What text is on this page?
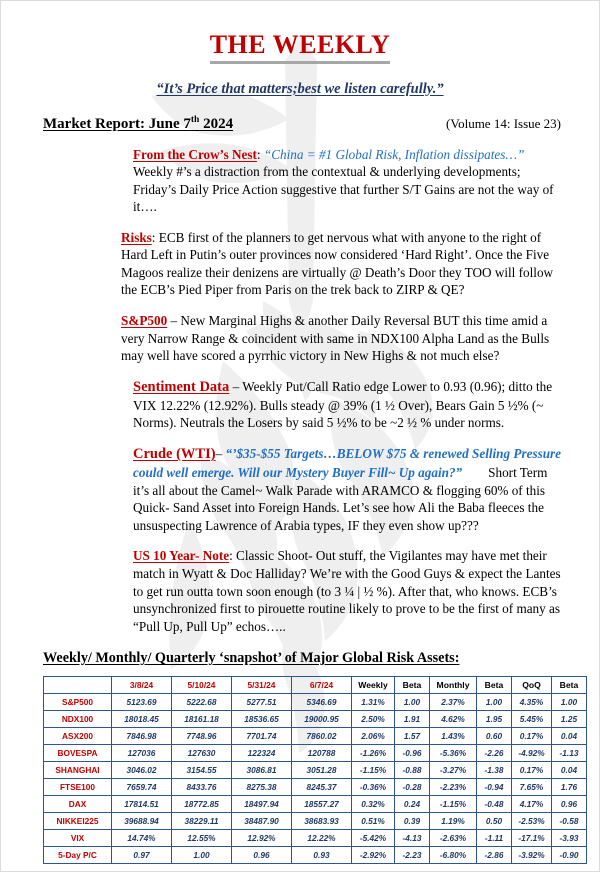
THE WEEKLY
“It’s Price that matters;best we listen carefully.”
Market Report: June 7th 2024	(Volume 14: Issue 23)

From the Crow’s Nest: “China = #1 Global Risk, Inflation dissipates…” Weekly #’s a distraction from the contextual & underlying developments; Friday’s Daily Price Action suggestive that further S/T Gains are not the way of it….

Risks: ECB first of the planners to get nervous what with anyone to the right of Hard Left in Putin’s outer provinces now considered ‘Hard Right’. Once the Five Magoos realize their denizens are virtually @ Death’s Door they TOO will follow the ECB’s Pied Piper from Paris on the trek back to ZIRP & QE?

S&P500 – New Marginal Highs & another Daily Reversal BUT this time amid a very Narrow Range & coincident with same in NDX100 Alpha Land as the Bulls may well have scored a pyrrhic victory in New Highs & not much else?

Sentiment Data – Weekly Put/Call Ratio edge Lower to 0.93 (0.96); ditto the VIX 12.22% (12.92%). Bulls steady @ 39% (1 ½ Over), Bears Gain 5 ½% (~ Norms). Neutrals the Losers by said 5 ½% to be ~2 ½ % under norms.

Crude (WTI)– “’$35-$55 Targets…BELOW $75 & renewed Selling Pressure could well emerge. Will our Mystery Buyer Fill~ Up again?” Short Term it’s all about the Camel~ Walk Parade with ARAMCO & flogging 60% of this Quick- Sand Asset into Foreign Hands. Let’s see how Ali the Baba fleeces the unsuspecting Lawrence of Arabia types, IF they even show up???

US 10 Year- Note: Classic Shoot- Out stuff, the Vigilantes may have met their match in Wyatt & Doc Halliday? We’re with the Good Guys & expect the Lantes to get run outta town soon enough (to 3 ¼ | ½ %). After that, who knows. ECB’s unsynchronized first to pirouette routine likely to prove to be the first of many as “Pull Up, Pull Up” echos…..

Weekly/ Monthly/ Quarterly ‘snapshot’ of Major Global Risk Assets:
	3/8/24	5/10/24	5/31/24	6/7/24	Weekly	Beta	Monthly	Beta	QoQ	Beta
S&P500	5123.69	5222.68	5277.51	5346.69	1.31%	1.00	2.37%	1.00	4.35%	1.00
NDX100	18018.45	18161.18	18536.65	19000.95	2.50%	1.91	4.62%	1.95	5.45%	1.25
ASX200	7846.98	7748.96	7701.74	7860.02	2.06%	1.57	1.43%	0.60	0.17%	0.04
BOVESPA	127036	127630	122324	120788	-1.26%	-0.96	-5.36%	-2.26	-4.92%	-1.13
SHANGHAI	3046.02	3154.55	3086.81	3051.28	-1.15%	-0.88	-3.27%	-1.38	0.17%	0.04
FTSE100	7659.74	8433.76	8275.38	8245.37	-0.36%	-0.28	-2.23%	-0.94	7.65%	1.76
DAX	17814.51	18772.85	18497.94	18557.27	0.32%	0.24	-1.15%	-0.48	4.17%	0.96
NIKKEI225	39688.94	38229.11	38487.90	38683.93	0.51%	0.39	1.19%	0.50	-2.53%	-0.58
VIX	14.74%	12.55%	12.92%	12.22%	-5.42%	-4.13	-2.63%	-1.11	-17.1%	-3.93
5-Day P/C	0.97	1.00	0.96	0.93	-2.92%	-2.23	-6.80%	-2.86	-3.92%	-0.90
